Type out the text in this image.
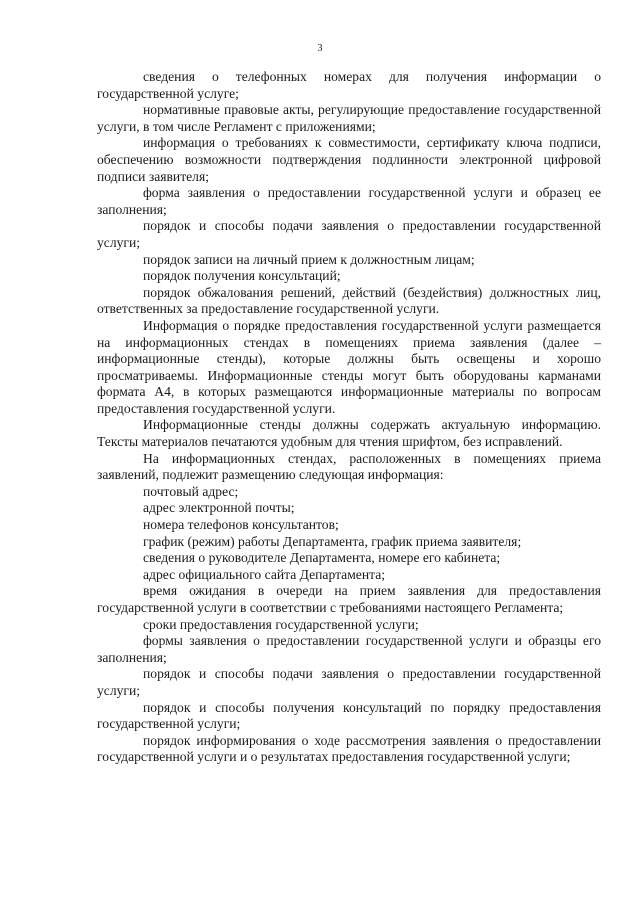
3

сведения о телефонных номерах для получения информации о государственной услуге;

нормативные правовые акты, регулирующие предоставление государственной услуги, в том числе Регламент с приложениями;

информация о требованиях к совместимости, сертификату ключа подписи, обеспечению возможности подтверждения подлинности электронной цифровой подписи заявителя;

форма заявления о предоставлении государственной услуги и образец ее заполнения;

порядок и способы подачи заявления о предоставлении государственной услуги;

порядок записи на личный прием к должностным лицам;

порядок получения консультаций;

порядок обжалования решений, действий (бездействия) должностных лиц, ответственных за предоставление государственной услуги.

Информация о порядке предоставления государственной услуги размещается на информационных стендах в помещениях приема заявления (далее – информационные стенды), которые должны быть освещены и хорошо просматриваемы. Информационные стенды могут быть оборудованы карманами формата А4, в которых размещаются информационные материалы по вопросам предоставления государственной услуги.

Информационные стенды должны содержать актуальную информацию. Тексты материалов печатаются удобным для чтения шрифтом, без исправлений.

На информационных стендах, расположенных в помещениях приема заявлений, подлежит размещению следующая информация:

почтовый адрес;

адрес электронной почты;

номера телефонов консультантов;

график (режим) работы Департамента, график приема заявителя;

сведения о руководителе Департамента, номере его кабинета;

адрес официального сайта Департамента;

время ожидания в очереди на прием заявления для предоставления государственной услуги в соответствии с требованиями настоящего Регламента;

сроки предоставления государственной услуги;

формы заявления о предоставлении государственной услуги и образцы его заполнения;

порядок и способы подачи заявления о предоставлении государственной услуги;

порядок и способы получения консультаций по порядку предоставления государственной услуги;

порядок информирования о ходе рассмотрения заявления о предоставлении государственной услуги и о результатах предоставления государственной услуги;
